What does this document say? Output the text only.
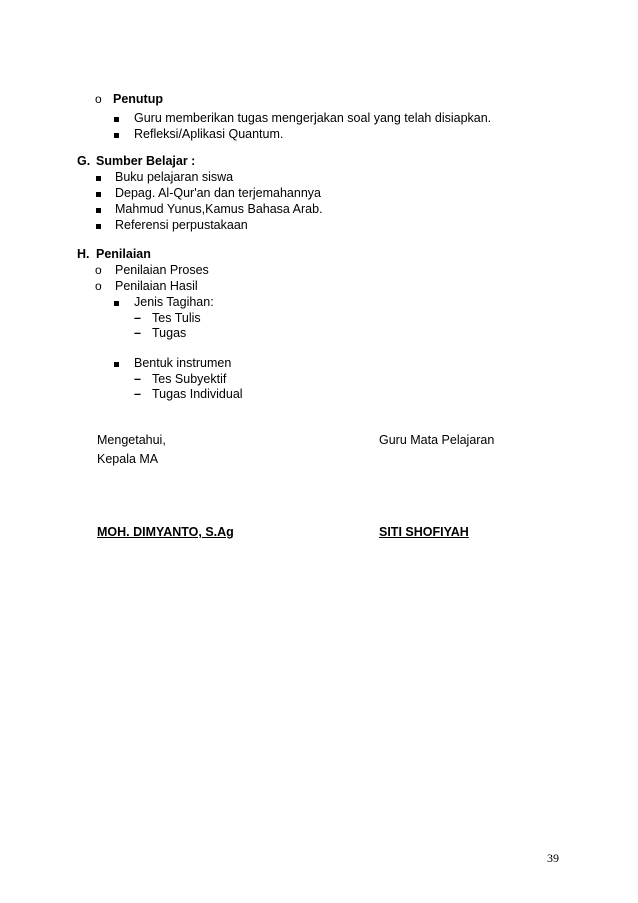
o Penutup
Guru memberikan tugas mengerjakan soal yang telah disiapkan.
Refleksi/Aplikasi Quantum.
G. Sumber Belajar :
Buku pelajaran siswa
Depag. Al-Qur'an dan terjemahannya
Mahmud Yunus,Kamus Bahasa Arab.
Referensi perpustakaan
H. Penilaian
o Penilaian Proses
o Penilaian Hasil
Jenis Tagihan:
– Tes Tulis
– Tugas
Bentuk instrumen
– Tes Subyektif
– Tugas Individual
Mengetahui,
Kepala MA
Guru Mata Pelajaran
MOH. DIMYANTO, S.Ag	SITI SHOFIYAH
39
